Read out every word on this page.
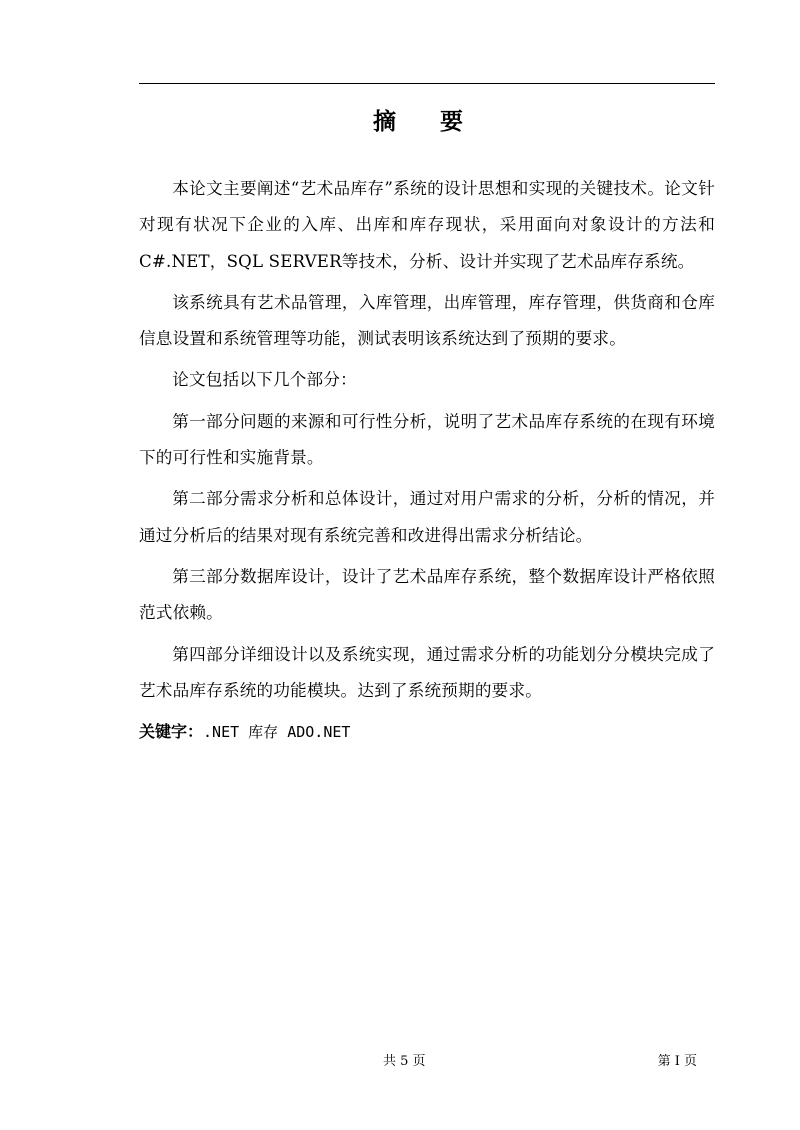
摘 要

本论文主要阐述“艺术品库存”系统的设计思想和实现的关键技术。论文针对现有状况下企业的入库、出库和库存现状，采用面向对象设计的方法和C#.NET，SQL SERVER等技术，分析、设计并实现了艺术品库存系统。

该系统具有艺术品管理，入库管理，出库管理，库存管理，供货商和仓库信息设置和系统管理等功能，测试表明该系统达到了预期的要求。

论文包括以下几个部分：

第一部分问题的来源和可行性分析，说明了艺术品库存系统的在现有环境下的可行性和实施背景。

第二部分需求分析和总体设计，通过对用户需求的分析，分析的情况，并通过分析后的结果对现有系统完善和改进得出需求分析结论。

第三部分数据库设计，设计了艺术品库存系统，整个数据库设计严格依照范式依赖。

第四部分详细设计以及系统实现，通过需求分析的功能划分分模块完成了艺术品库存系统的功能模块。达到了系统预期的要求。

关键字：.NET 库存 ADO.NET

共 5 页	第 I 页
